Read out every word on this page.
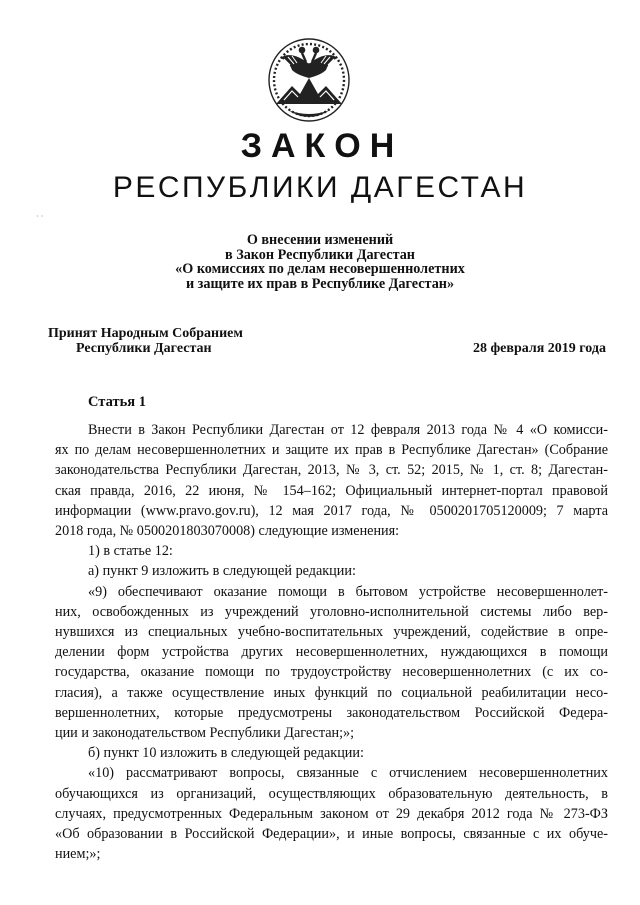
ЗАКОН
РЕСПУБЛИКИ ДАГЕСТАН
О внесении изменений
в Закон Республики Дагестан
«О комиссиях по делам несовершеннолетних
и защите их прав в Республике Дагестан»
Принят Народным Собранием
Республики Дагестан	28 февраля 2019 года
Статья 1

Внести в Закон Республики Дагестан от 12 февраля 2013 года № 4 «О комисси-

ях по делам несовершеннолетних и защите их прав в Республике Дагестан» (Собрание

законодательства Республики Дагестан, 2013, № 3, ст. 52; 2015, № 1, ст. 8; Дагестан-

ская правда, 2016, 22 июня, № 154–162; Официальный интернет-портал правовой

информации (www.pravo.gov.ru), 12 мая 2017 года, № 0500201705120009; 7 марта

2018 года, № 0500201803070008) следующие изменения:

1) в статье 12:

а) пункт 9 изложить в следующей редакции:

«9) обеспечивают оказание помощи в бытовом устройстве несовершеннолет-

них, освобожденных из учреждений уголовно-исполнительной системы либо вер-

нувшихся из специальных учебно-воспитательных учреждений, содействие в опре-

делении форм устройства других несовершеннолетних, нуждающихся в помощи

государства, оказание помощи по трудоустройству несовершеннолетних (с их со-

гласия), а также осуществление иных функций по социальной реабилитации несо-

вершеннолетних, которые предусмотрены законодательством Российской Федера-

ции и законодательством Республики Дагестан;»;

б) пункт 10 изложить в следующей редакции:

«10) рассматривают вопросы, связанные с отчислением несовершеннолетних

обучающихся из организаций, осуществляющих образовательную деятельность, в

случаях, предусмотренных Федеральным законом от 29 декабря 2012 года № 273-ФЗ

«Об образовании в Российской Федерации», и иные вопросы, связанные с их обуче-

нием;»;

· ·
